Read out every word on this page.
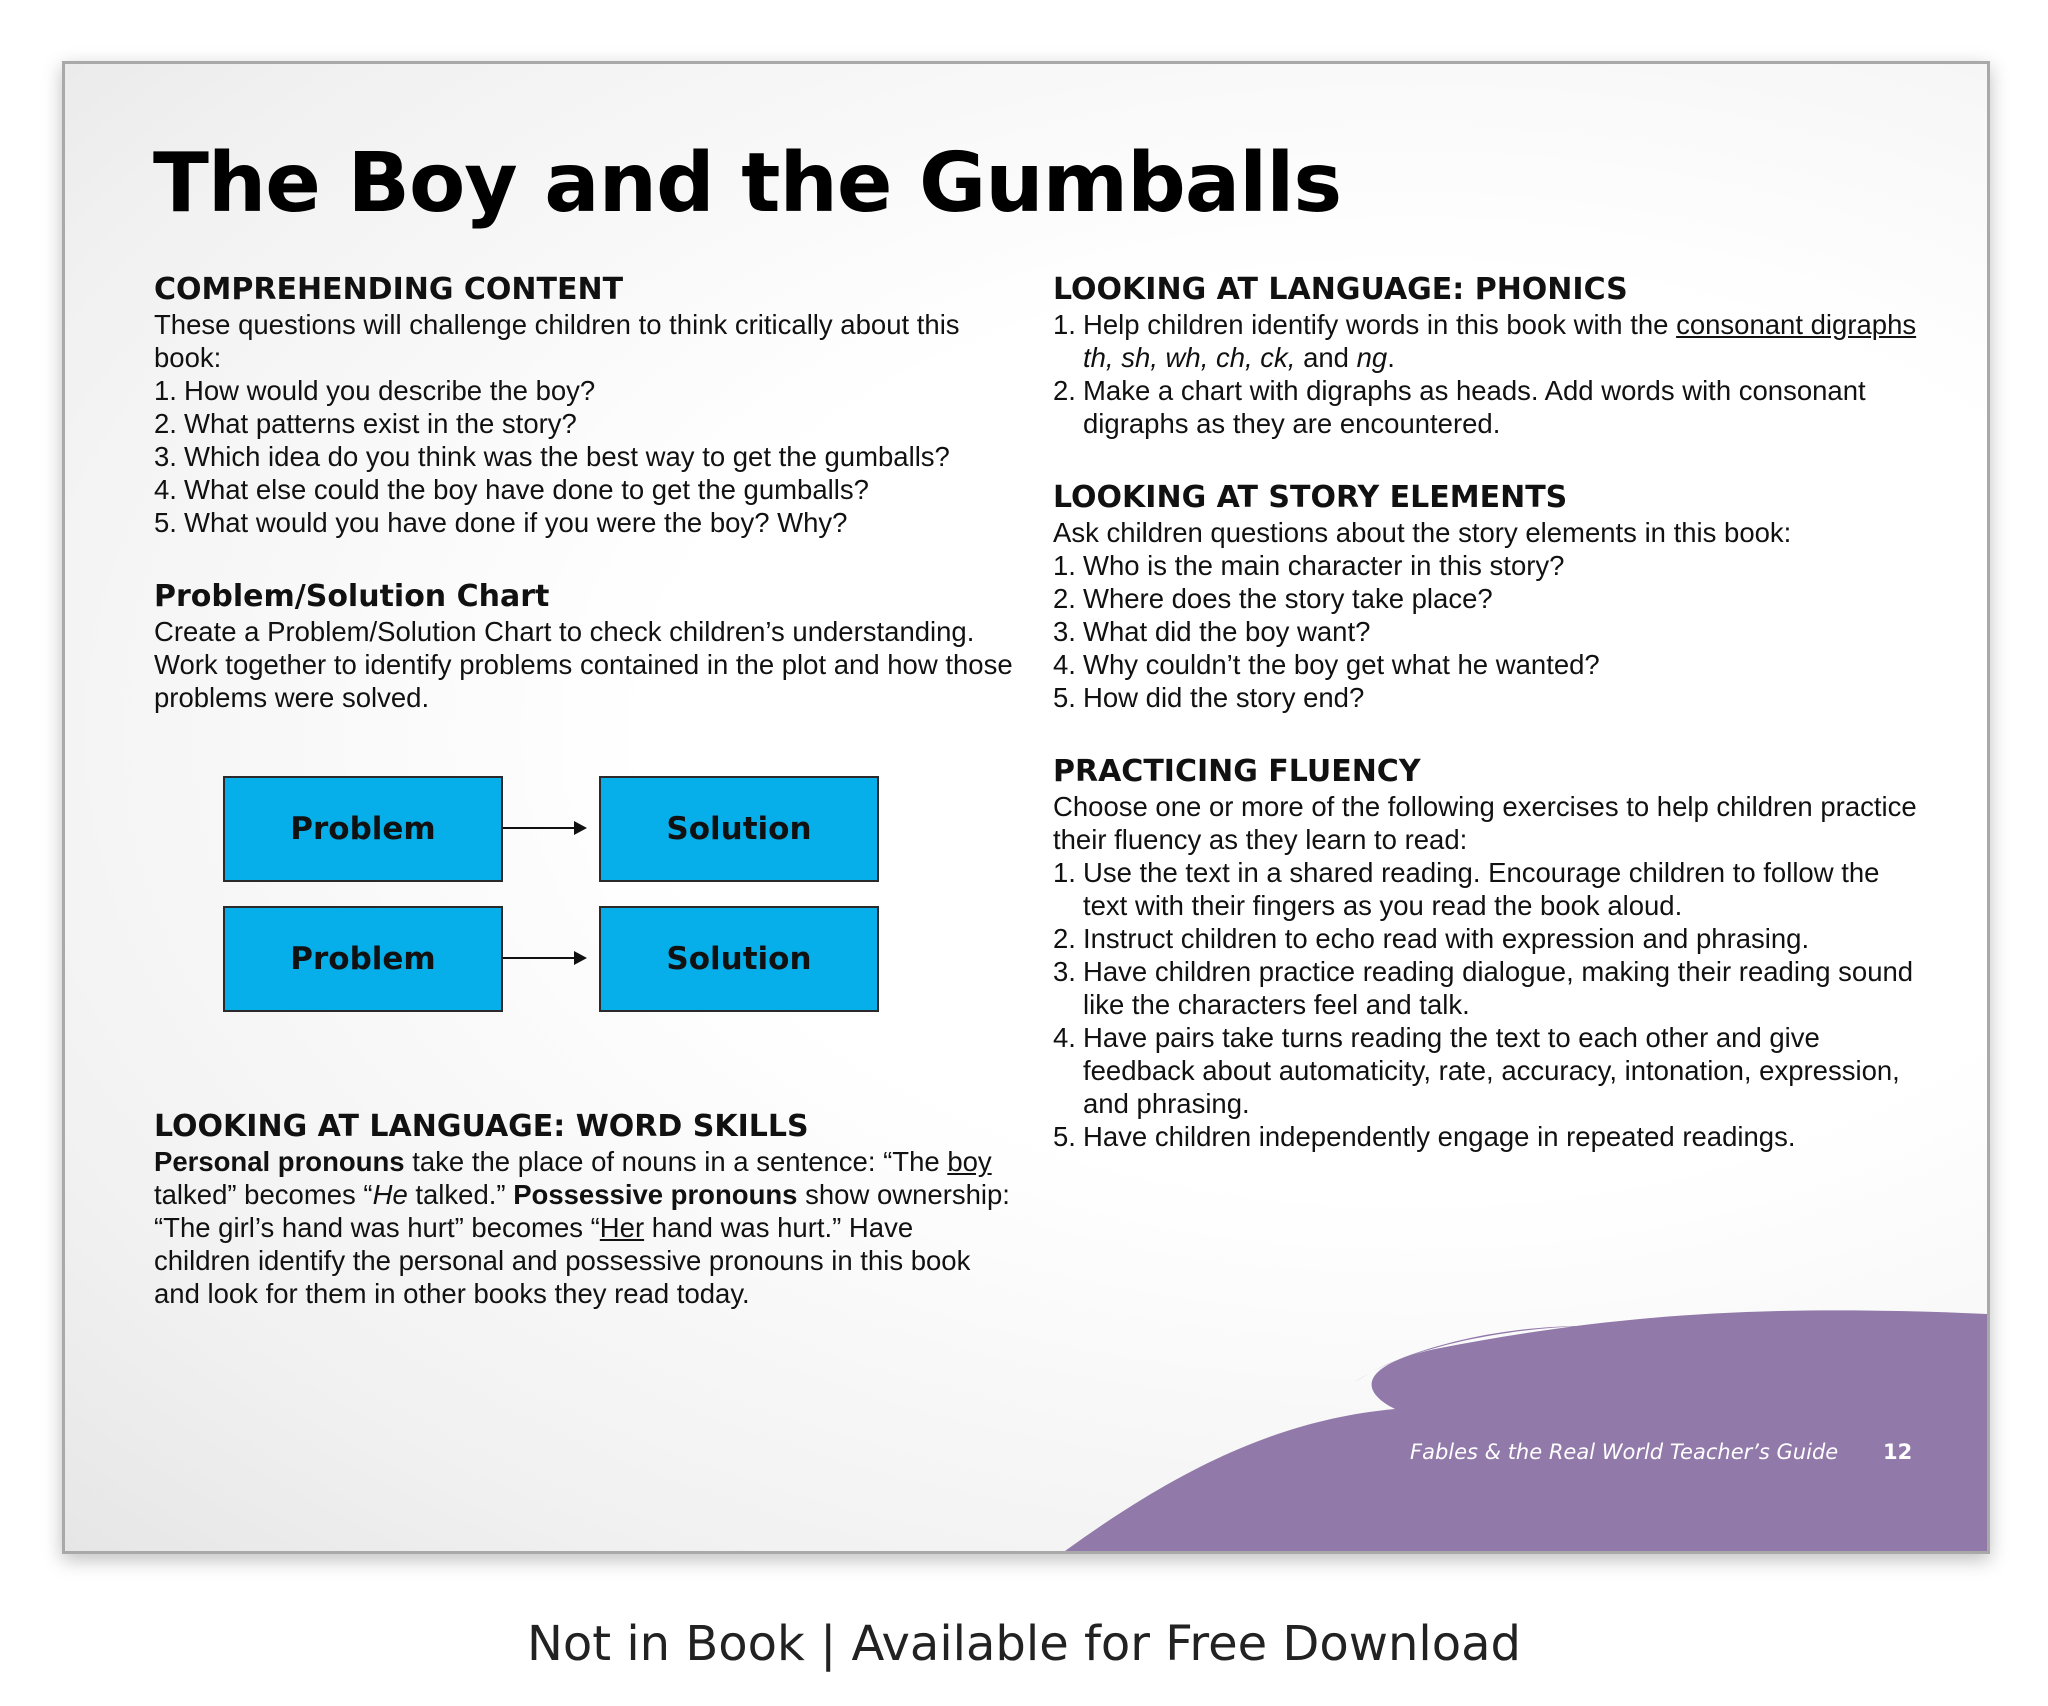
The Boy and the Gumballs
COMPREHENDING CONTENT

These questions will challenge children to think critically about this book:

1. How would you describe the boy?
2. What patterns exist in the story?
3. Which idea do you think was the best way to get the gumballs?
4. What else could the boy have done to get the gumballs?
5. What would you have done if you were the boy? Why?
Problem/Solution Chart

Create a Problem/Solution Chart to check children’s understanding. Work together to identify problems contained in the plot and how those problems were solved.

Problem	Solution
Problem	Solution
LOOKING AT LANGUAGE: WORD SKILLS

Personal pronouns take the place of nouns in a sentence: “The boy talked” becomes “He talked.” Possessive pronouns show ownership: “The girl’s hand was hurt” becomes “Her hand was hurt.” Have children identify the personal and possessive pronouns in this book and look for them in other books they read today.

LOOKING AT LANGUAGE: PHONICS
1. Help children identify words in this book with the consonant digraphs th, sh, wh, ch, ck, and ng.
2. Make a chart with digraphs as heads. Add words with consonant digraphs as they are encountered.
LOOKING AT STORY ELEMENTS

Ask children questions about the story elements in this book:

1. Who is the main character in this story?
2. Where does the story take place?
3. What did the boy want?
4. Why couldn’t the boy get what he wanted?
5. How did the story end?
PRACTICING FLUENCY

Choose one or more of the following exercises to help children practice their fluency as they learn to read:

1. Use the text in a shared reading. Encourage children to follow the text with their fingers as you read the book aloud.
2. Instruct children to echo read with expression and phrasing.
3. Have children practice reading dialogue, making their reading sound like the characters feel and talk.
4. Have pairs take turns reading the text to each other and give feedback about automaticity, rate, accuracy, intonation, expression, and phrasing.
5. Have children independently engage in repeated readings.
Fables & the Real World Teacher’s Guide 12
Not in Book | Available for Free Download
